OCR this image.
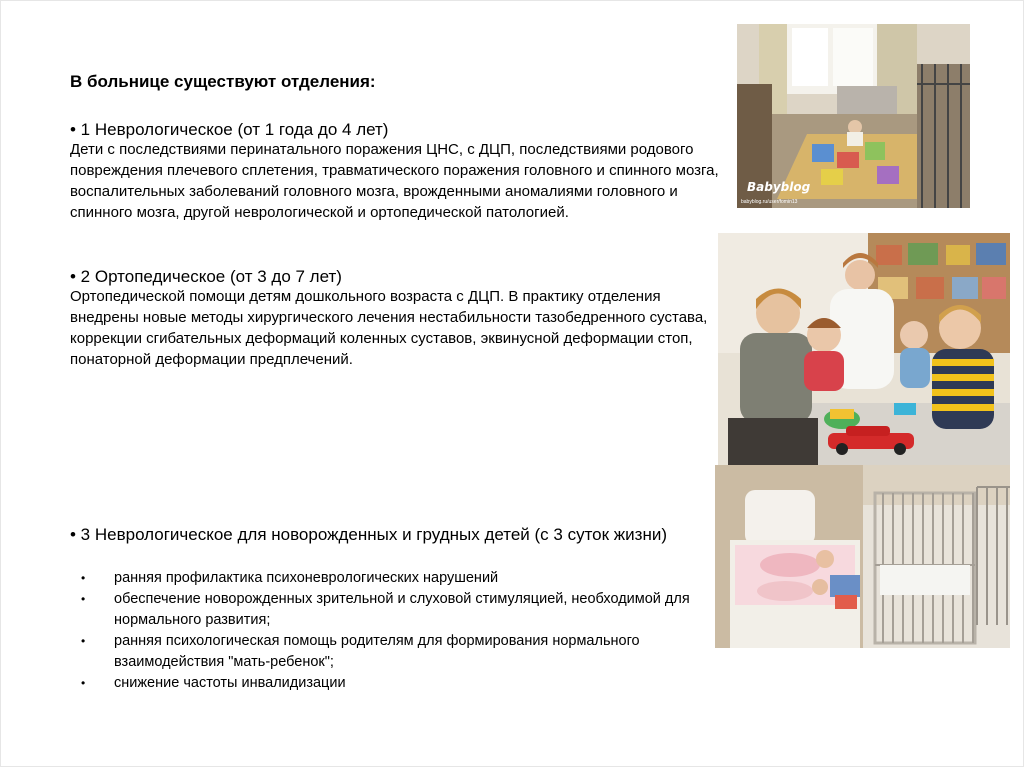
В больнице существуют отделения:

• 1 Неврологическое (от 1 года до 4 лет)

Дети с последствиями перинатального поражения ЦНС, с ДЦП, последствиями родового повреждения плечевого сплетения, травматического поражения головного и спинного мозга, воспалительных заболеваний головного мозга, врожденными аномалиями головного и спинного мозга, другой неврологической и ортопедической патологией.

• 2 Ортопедическое (от 3 до 7 лет)

Ортопедической помощи детям дошкольного возраста с ДЦП. В практику отделения внедрены новые методы хирургического лечения нестабильности тазобедренного сустава, коррекции сгибательных деформаций коленных суставов, эквинусной деформации стоп, понаторной деформации предплечений.

• 3 Неврологическое для новорожденных и грудных детей (с 3 суток жизни)

• ранняя профилактика психоневрологических нарушений
• обеспечение новорожденных зрительной и слуховой стимуляцией, необходимой для нормального развития;
• ранняя психологическая помощь родителям для формирования нормального взаимодействия "мать-ребенок";
• снижение частоты инвалидизации
Babyblog
babyblog.ru/user/fomin13
